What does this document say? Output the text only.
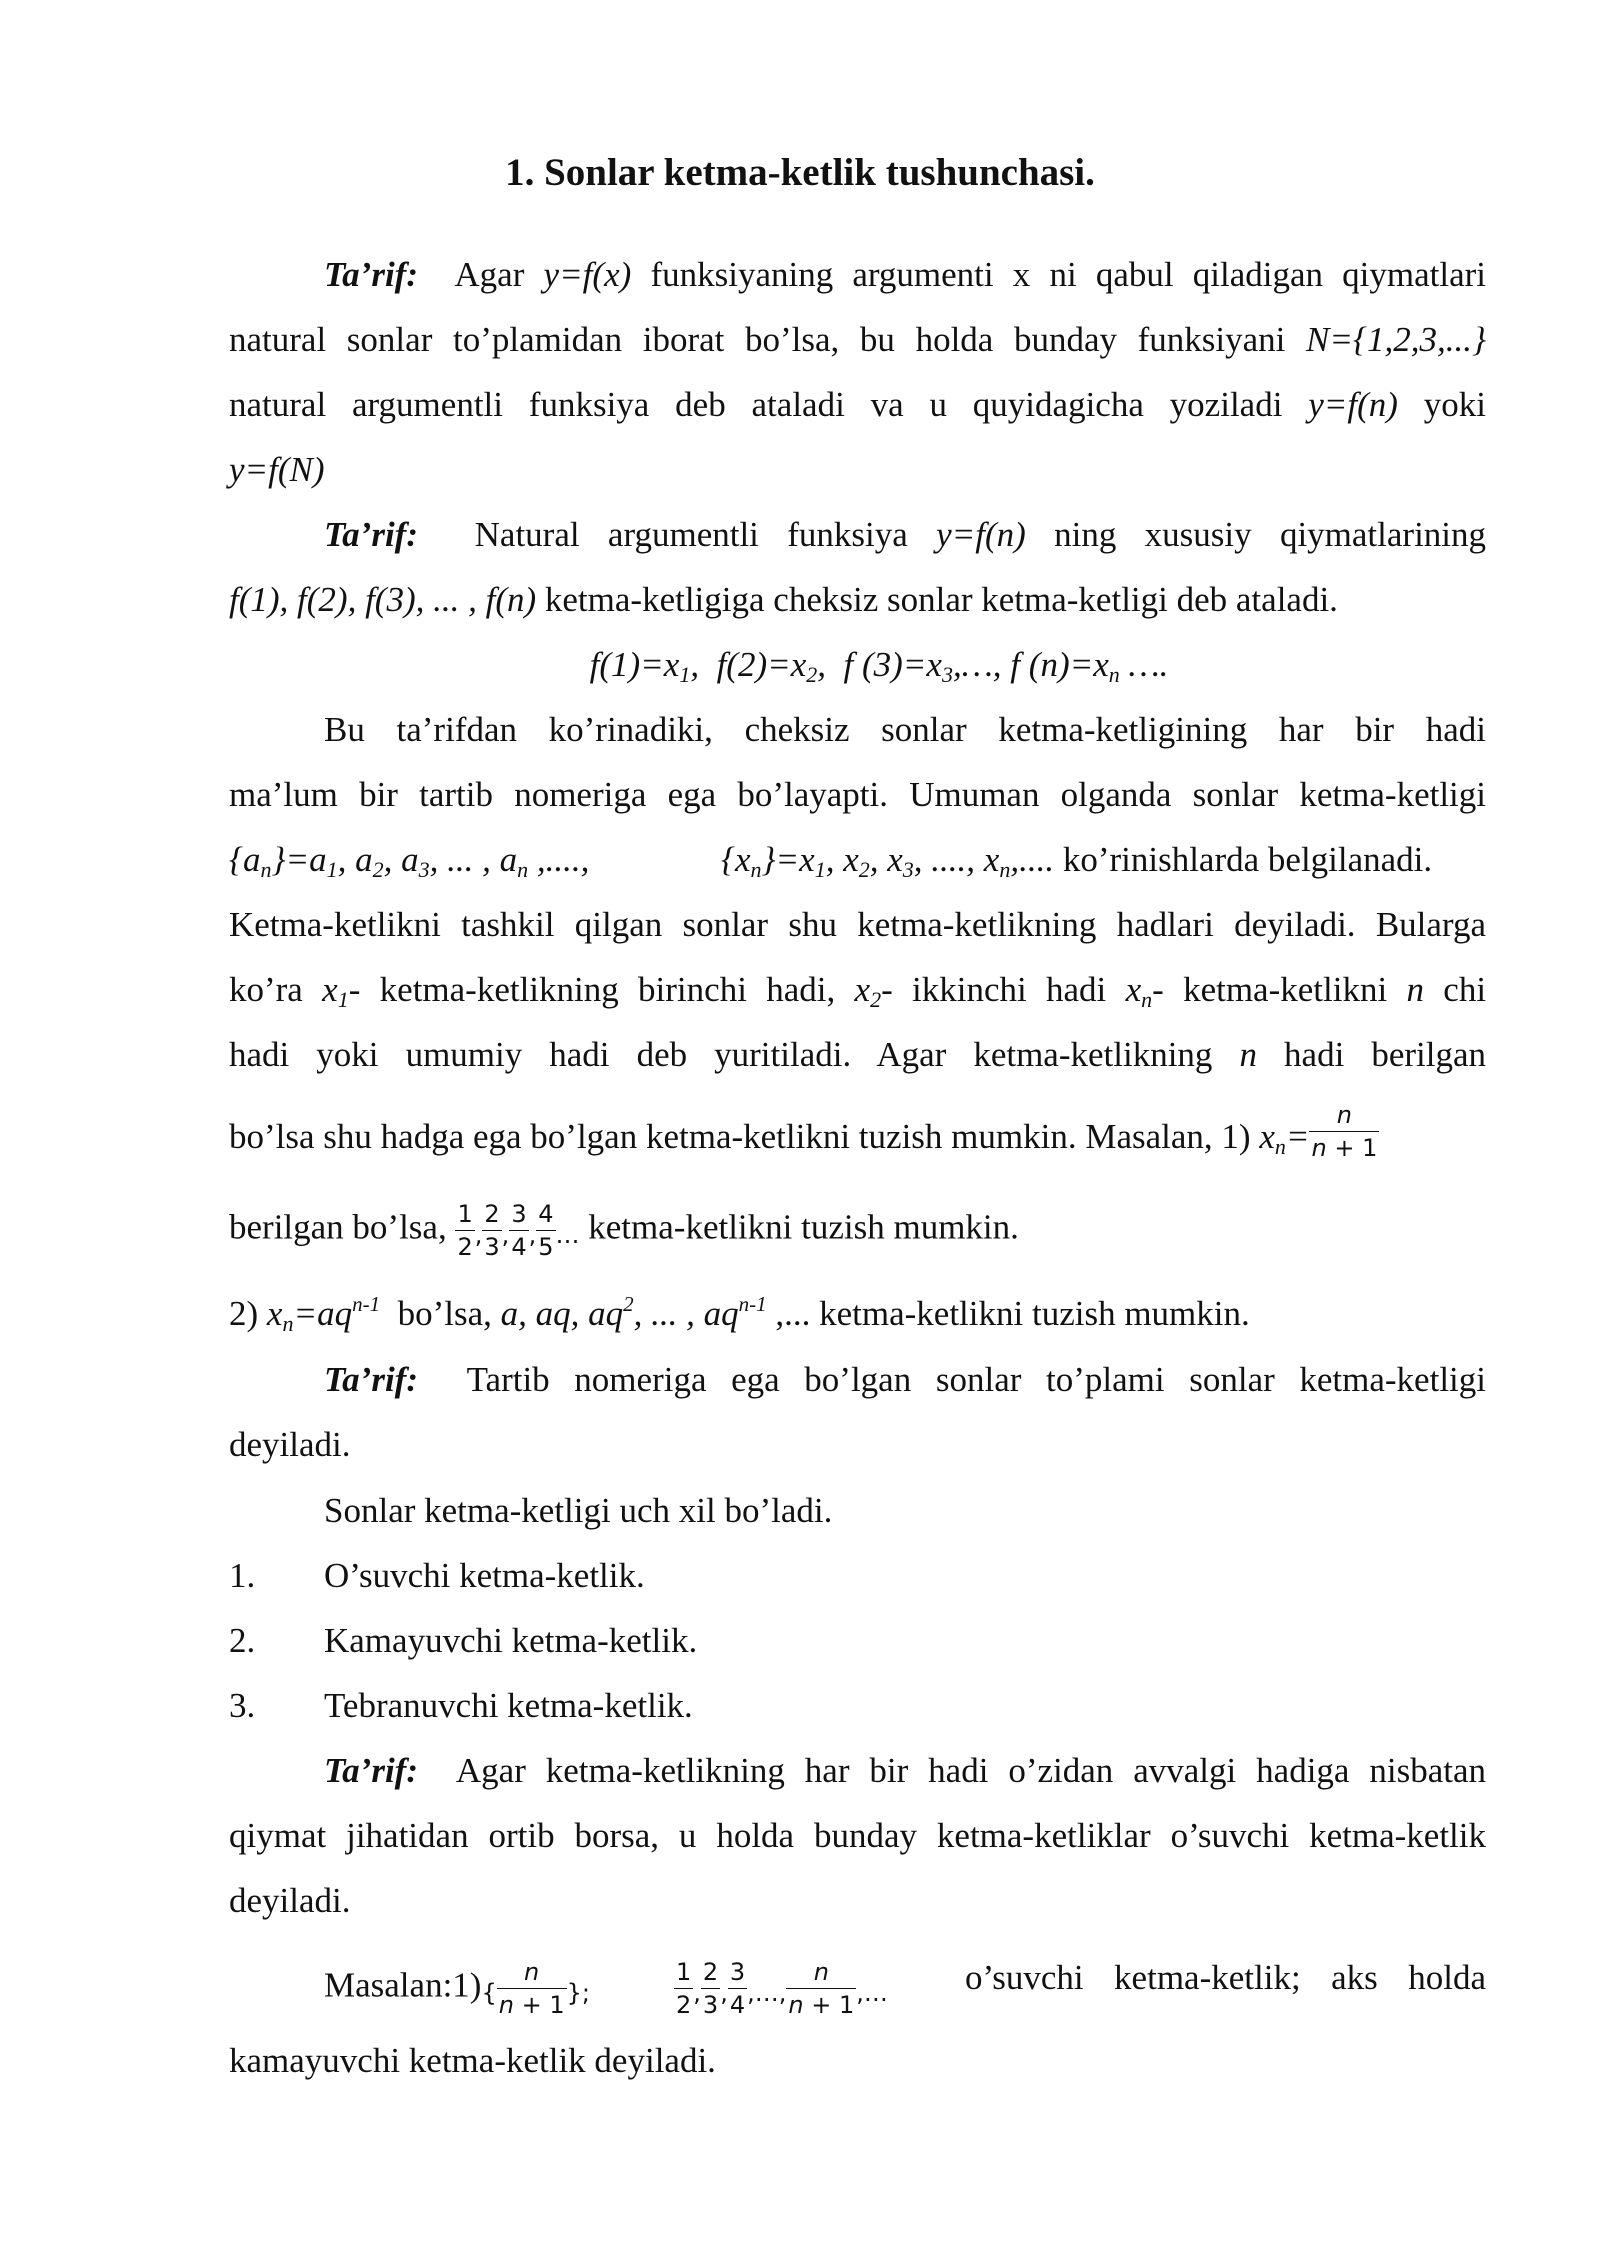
1. Sonlar ketma-ketlik tushunchasi.
Ta’rif: Agar y=f(x) funksiyaning argumenti x ni qabul qiladigan qiymatlari
natural sonlar to’plamidan iborat bo’lsa, bu holda bunday funksiyani N={1,2,3,...}
natural argumentli funksiya deb ataladi va u quyidagicha yoziladi y=f(n) yoki
y=f(N)
Ta’rif: Natural argumentli funksiya y=f(n) ning xususiy qiymatlarining
f(1), f(2), f(3), ... , f(n) ketma-ketligiga cheksiz sonlar ketma-ketligi deb ataladi.
$f(1)=x_1$,  $f(2)=x_2$,  f $(3)=x_3,\dots$, f $(n)=x_n$ ….
Bu ta’rifdan ko’rinadiki, cheksiz sonlar ketma-ketligining har bir hadi
ma’lum bir tartib nomeriga ega bo’layapti. Umuman olganda sonlar ketma-ketligi
$\{a_n\}=a_1$, $a_2$, $a_3$, ... , $a_n$ ,....,	$\{x_n\}=x_1$, $x_2$, $x_3$, ...., $x_n$,.... ko’rinishlarda belgilanadi.
Ketma-ketlikni tashkil qilgan sonlar shu ketma-ketlikning hadlari deyiladi. Bularga
ko’ra $x_1-$ ketma-ketlikning birinchi hadi, $x_2-$ ikkinchi hadi $x_n-$ ketma-ketlikni n chi
hadi yoki umumiy hadi deb yuritiladi. Agar ketma-ketlikning n hadi berilgan
bo’lsa shu hadga ega bo’lgan ketma-ketlikni tuzish mumkin. Masalan, 1) $x_n= \frac{n}{n + 1}$
berilgan bo’lsa, $\frac{1}{2}$ , $\frac{2}{3}$ , $\frac{3}{4}$ , $\frac{4}{5}$ … ketma-ketlikni tuzish mumkin.
2) $x_n=aq^{n-1}$ bo’lsa, a, aq, $aq^2$, ... , $aq^{n-1}$ ,... ketma-ketlikni tuzish mumkin.
Ta’rif: Tartib nomeriga ega bo’lgan sonlar to’plami sonlar ketma-ketligi
deyiladi.
Sonlar ketma-ketligi uch xil bo’ladi.
1. O’suvchi ketma-ketlik.
2. Kamayuvchi ketma-ketlik.
3. Tebranuvchi ketma-ketlik.
Ta’rif: Agar ketma-ketlikning har bir hadi o’zidan avvalgi hadiga nisbatan
qiymat jihatidan ortib borsa, u holda bunday ketma-ketliklar o’suvchi ketma-ketlik
deyiladi.
Masalan:1){ $\frac{n}{n + 1}$ };	$\frac{1}{2}$ , $\frac{2}{3}$ , $\frac{3}{4}$ ,…, $\frac{n}{n + 1}$ ,… o’suvchi ketma-ketlik; aks holda
kamayuvchi ketma-ketlik deyiladi.
